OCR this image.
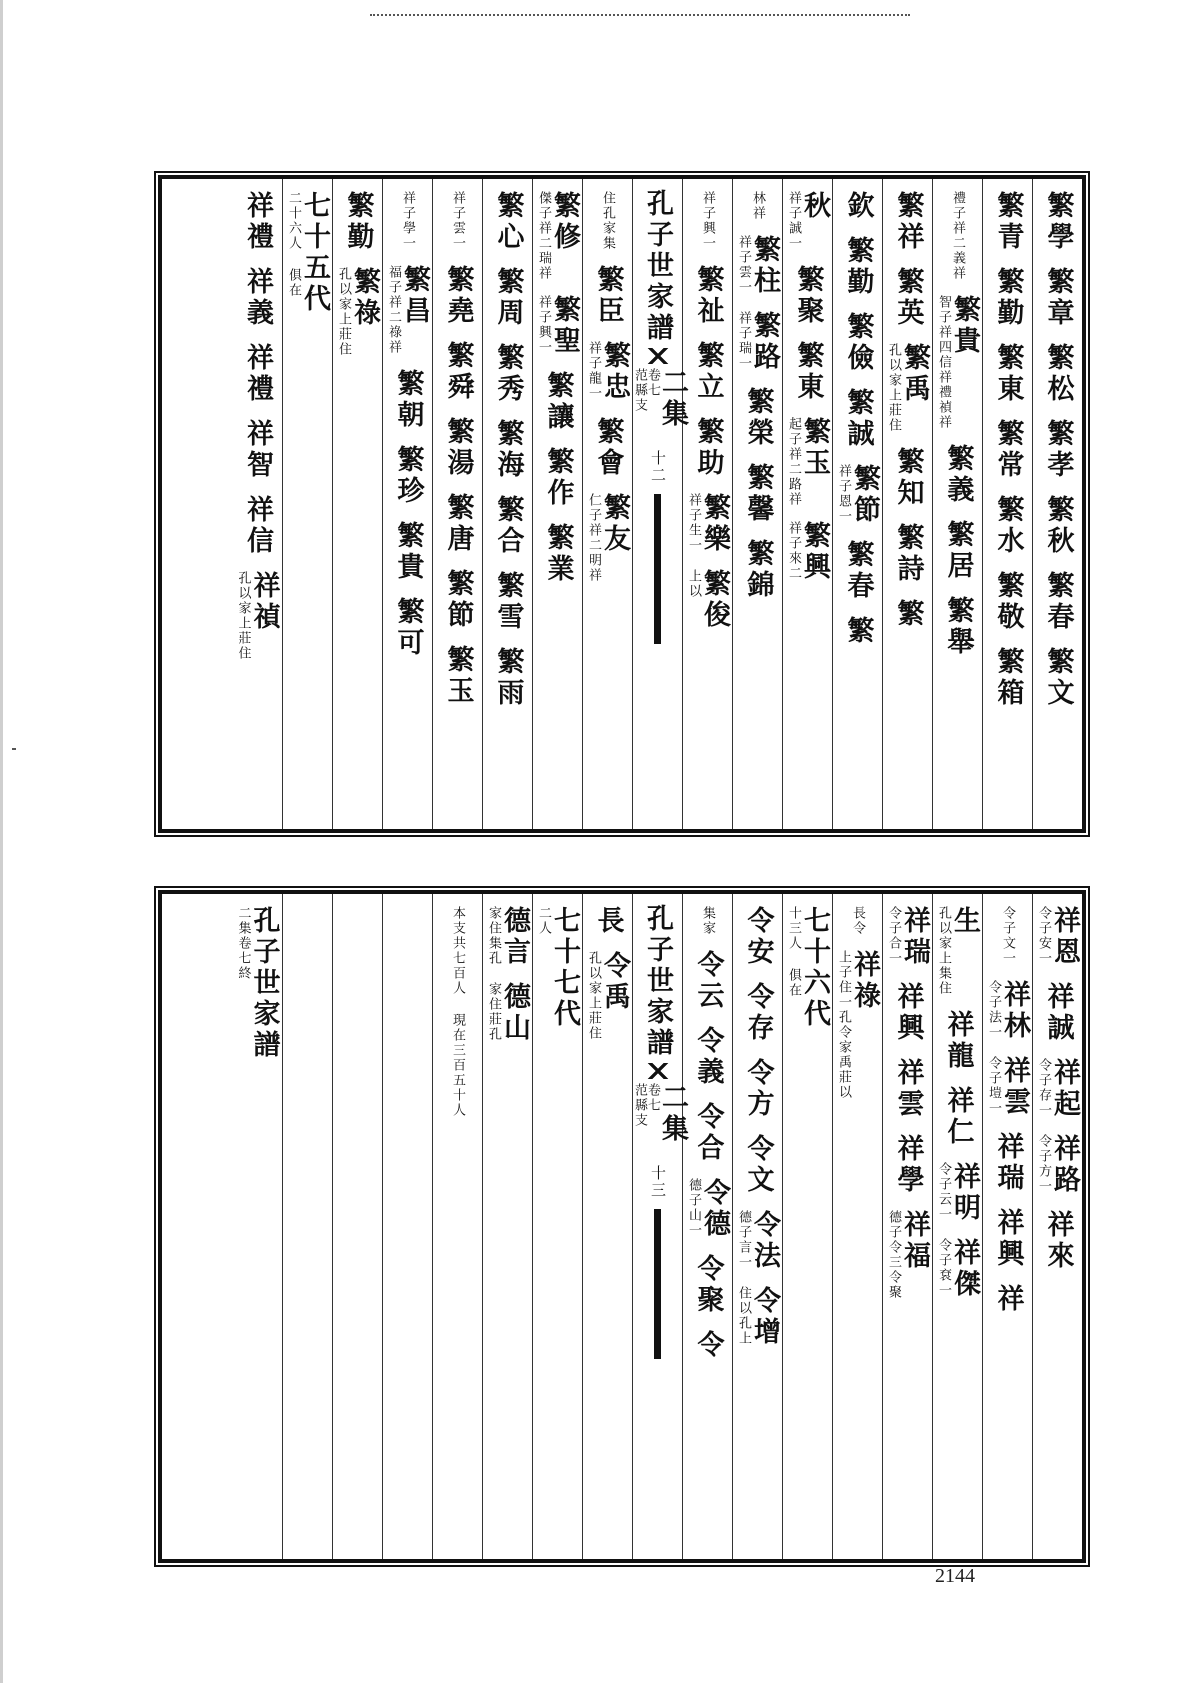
繁學
繁章
繁松
繁孝
繁秋
繁春
繁文
繁青
繁勤
繁東
繁常
繁水
繁敬
繁箱
禮子祥二義祥
繁貴
智子祥四信祥禮禎祥
繁義
繁居
繁舉
繁祥
繁英
繁禹
孔以家上莊住
繁知
繁詩
繁
欽
繁勤
繁儉
繁誠
繁節
祥子恩一
繁春
繁
秋
祥子誠一
繁聚
繁東
繁玉
起子祥二路祥
繁興
祥子來二
林祥
繁柱
祥子雲一
繁路
祥子瑞一
繁榮
繁馨
繁錦
祥子興一
繁祉
繁立
繁助
繁樂
祥子生一
繁俊
上以
孔子世家譜
二集
卷七
范縣支
十二
住孔家集
繁臣
繁忠
祥子龍一
繁會
繁友
仁子祥二明祥
繁修
傑子祥二瑞祥
繁聖
祥子興一
繁讓
繁作
繁業
繁心
繁周
繁秀
繁海
繁合
繁雪
繁雨
祥子雲一
繁堯
繁舜
繁湯
繁唐
繁節
繁玉
祥子學一
繁昌
福子祥二祿祥
繁朝
繁珍
繁貴
繁可
繁勤
繁祿
孔以家上莊住
七十五代
二十六人 俱在
祥禮
祥義
祥禮
祥智
祥信
祥禎
孔以家上莊住
祥恩
令子安一
祥誠
祥起
令子存一
祥路
令子方一
祥來
令子文一
祥林
令子法一
祥雲
令子塏一
祥瑞
祥興
祥
生
孔以家上集住
祥龍
祥仁
祥明
令子云一
祥傑
令子袞一
祥瑞
令子合一
祥興
祥雲
祥學
祥福
德子令三令聚
長令
祥祿
上子住一孔令家禹莊以
七十六代
十三人 俱在
令安
令存
令方
令文
令法
德子言一
令增
住以孔上
集家
令云
令義
令合
令德
德子山一
令聚
令
孔子世家譜
二集
卷七
范縣支
十三
長
令禹
孔以家上莊住
七十七代
二人
德言
家住集孔
德山
家住莊孔
本支共七百人 現在三百五十人
孔子世家譜
二集卷七終
2144
